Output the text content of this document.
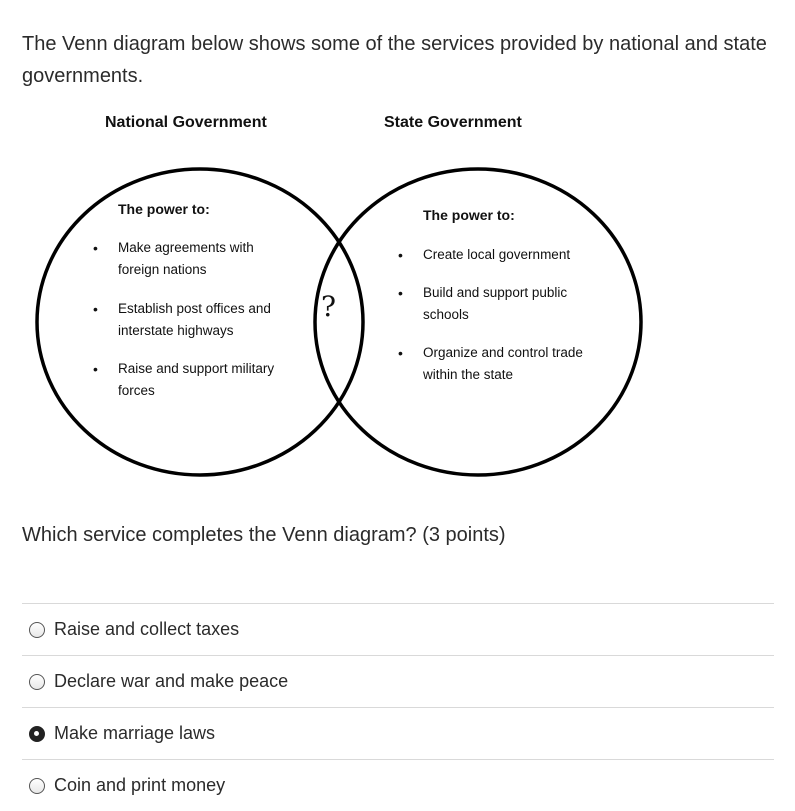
The Venn diagram below shows some of the services provided by national and state governments.
National Government	State Government
The power to:	The power to:
• Make agreements with foreign nations
• Establish post offices and interstate highways
• Raise and support military forces
• Create local government
• Build and support public schools
• Organize and control trade within the state
?
Which service completes the Venn diagram? (3 points)
Raise and collect taxes
Declare war and make peace
Make marriage laws
Coin and print money
